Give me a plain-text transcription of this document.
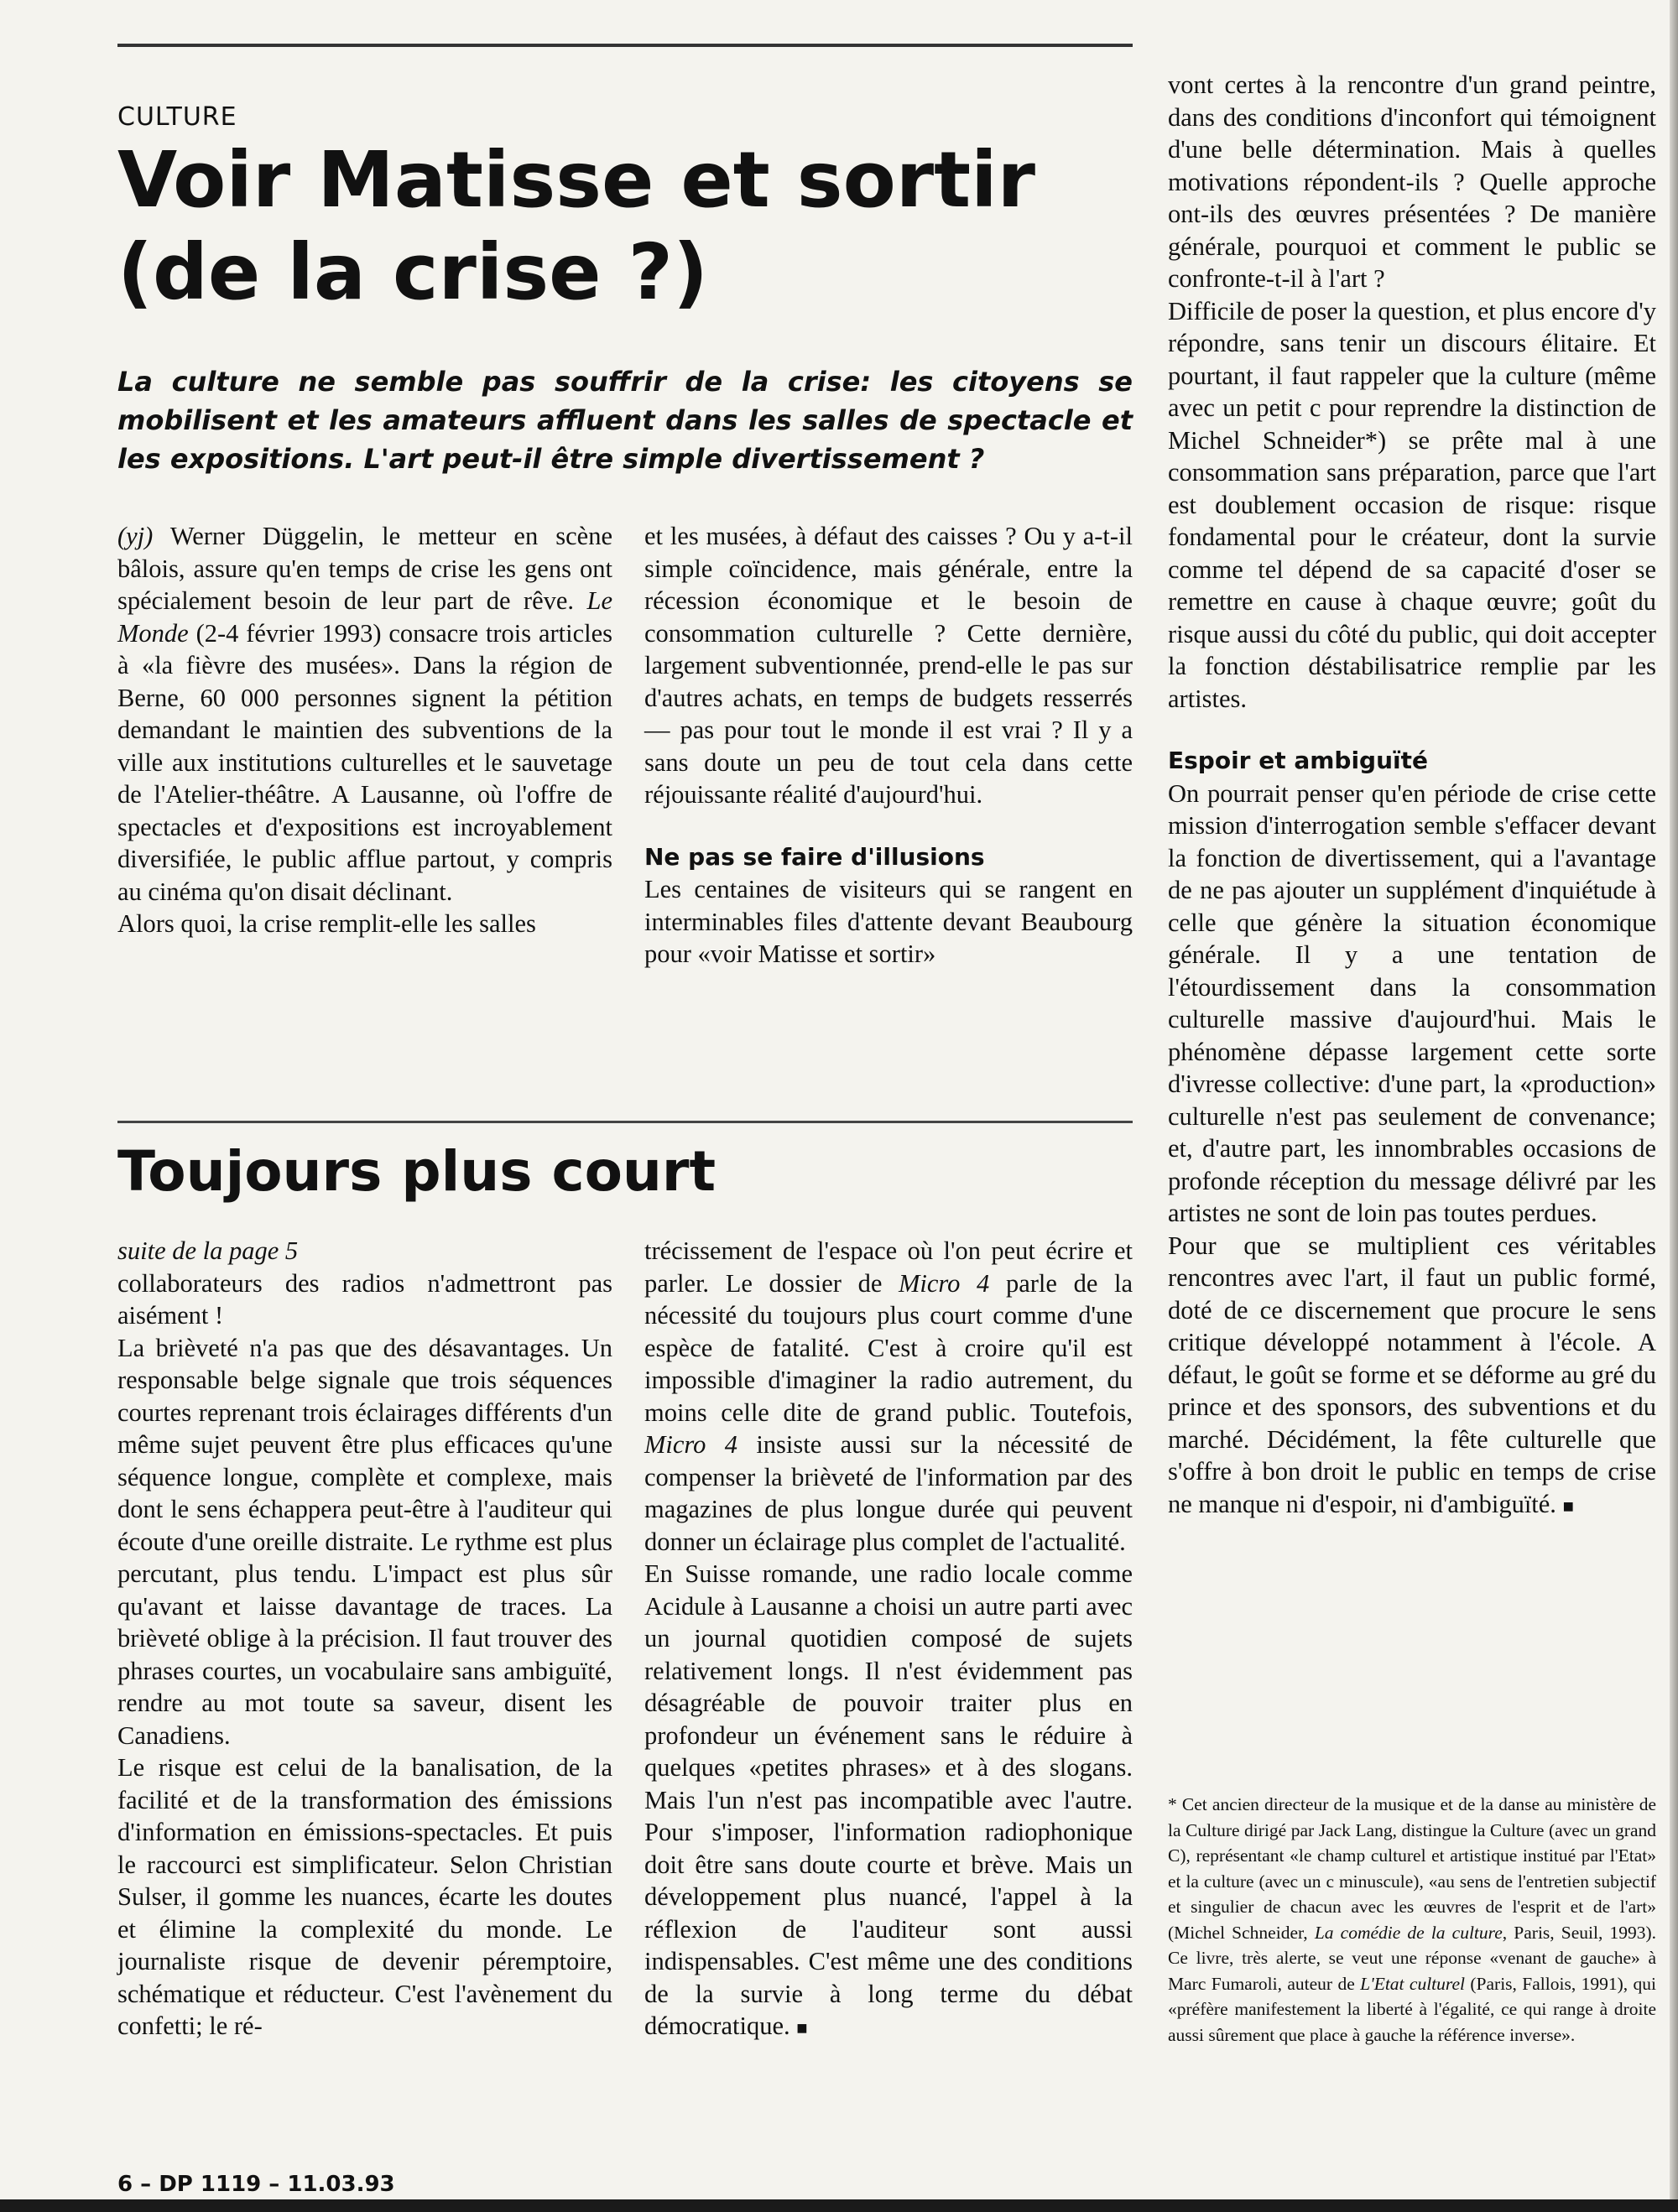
CULTURE
Voir Matisse et sortir
(de la crise ?)

La culture ne semble pas souffrir de la crise: les citoyens se mobilisent et les amateurs affluent dans les salles de spectacle et les expositions. L'art peut-il être simple divertissement ?

(yj) Werner Düggelin, le metteur en scène bâlois, assure qu'en temps de crise les gens ont spécialement besoin de leur part de rêve. Le Monde (2-4 février 1993) consacre trois articles à «la fièvre des musées». Dans la région de Berne, 60 000 personnes signent la pétition demandant le maintien des subventions de la ville aux institutions culturelles et le sauvetage de l'Atelier-théâtre. A Lausanne, où l'offre de spectacles et d'expositions est incroyablement diversifiée, le public afflue partout, y compris au cinéma qu'on disait déclinant.

Alors quoi, la crise remplit-elle les salles

et les musées, à défaut des caisses ? Ou y a-t-il simple coïncidence, mais générale, entre la récession économique et le besoin de consommation culturelle ? Cette dernière, largement subventionnée, prend-elle le pas sur d'autres achats, en temps de budgets resserrés — pas pour tout le monde il est vrai ? Il y a sans doute un peu de tout cela dans cette réjouissante réalité d'aujourd'hui.

Ne pas se faire d'illusions

Les centaines de visiteurs qui se rangent en interminables files d'attente devant Beaubourg pour «voir Matisse et sortir»

vont certes à la rencontre d'un grand peintre, dans des conditions d'inconfort qui témoignent d'une belle détermination. Mais à quelles motivations répondent-ils ? Quelle approche ont-ils des œuvres présentées ? De manière générale, pourquoi et comment le public se confronte-t-il à l'art ?

Difficile de poser la question, et plus encore d'y répondre, sans tenir un discours élitaire. Et pourtant, il faut rappeler que la culture (même avec un petit c pour reprendre la distinction de Michel Schneider*) se prête mal à une consommation sans préparation, parce que l'art est doublement occasion de risque: risque fondamental pour le créateur, dont la survie comme tel dépend de sa capacité d'oser se remettre en cause à chaque œuvre; goût du risque aussi du côté du public, qui doit accepter la fonction déstabilisatrice remplie par les artistes.

Espoir et ambiguïté

On pourrait penser qu'en période de crise cette mission d'interrogation semble s'effacer devant la fonction de divertissement, qui a l'avantage de ne pas ajouter un supplément d'inquiétude à celle que génère la situation économique générale. Il y a une tentation de l'étourdissement dans la consommation culturelle massive d'aujourd'hui. Mais le phénomène dépasse largement cette sorte d'ivresse collective: d'une part, la «production» culturelle n'est pas seulement de convenance; et, d'autre part, les innombrables occasions de profonde réception du message délivré par les artistes ne sont de loin pas toutes perdues.

Pour que se multiplient ces véritables rencontres avec l'art, il faut un public formé, doté de ce discernement que procure le sens critique développé notamment à l'école. A défaut, le goût se forme et se déforme au gré du prince et des sponsors, des subventions et du marché. Décidément, la fête culturelle que s'offre à bon droit le public en temps de crise ne manque ni d'espoir, ni d'ambiguïté. ■

* Cet ancien directeur de la musique et de la danse au ministère de la Culture dirigé par Jack Lang, distingue la Culture (avec un grand C), représentant «le champ culturel et artistique institué par l'Etat» et la culture (avec un c minuscule), «au sens de l'entretien subjectif et singulier de chacun avec les œuvres de l'esprit et de l'art» (Michel Schneider, La comédie de la culture, Paris, Seuil, 1993). Ce livre, très alerte, se veut une réponse «venant de gauche» à Marc Fumaroli, auteur de L'Etat culturel (Paris, Fallois, 1991), qui «préfère manifestement la liberté à l'égalité, ce qui range à droite aussi sûrement que place à gauche la référence inverse».

Toujours plus court

suite de la page 5

collaborateurs des radios n'admettront pas aisément !

La brièveté n'a pas que des désavantages. Un responsable belge signale que trois séquences courtes reprenant trois éclairages différents d'un même sujet peuvent être plus efficaces qu'une séquence longue, complète et complexe, mais dont le sens échappera peut-être à l'auditeur qui écoute d'une oreille distraite. Le rythme est plus percutant, plus tendu. L'impact est plus sûr qu'avant et laisse davantage de traces. La brièveté oblige à la précision. Il faut trouver des phrases courtes, un vocabulaire sans ambiguïté, rendre au mot toute sa saveur, disent les Canadiens.

Le risque est celui de la banalisation, de la facilité et de la transformation des émissions d'information en émissions-spectacles. Et puis le raccourci est simplificateur. Selon Christian Sulser, il gomme les nuances, écarte les doutes et élimine la complexité du monde. Le journaliste risque de devenir péremptoire, schématique et réducteur. C'est l'avènement du confetti; le ré-

trécissement de l'espace où l'on peut écrire et parler. Le dossier de Micro 4 parle de la nécessité du toujours plus court comme d'une espèce de fatalité. C'est à croire qu'il est impossible d'imaginer la radio autrement, du moins celle dite de grand public. Toutefois, Micro 4 insiste aussi sur la nécessité de compenser la brièveté de l'information par des magazines de plus longue durée qui peuvent donner un éclairage plus complet de l'actualité.

En Suisse romande, une radio locale comme Acidule à Lausanne a choisi un autre parti avec un journal quotidien composé de sujets relativement longs. Il n'est évidemment pas désagréable de pouvoir traiter plus en profondeur un événement sans le réduire à quelques «petites phrases» et à des slogans. Mais l'un n'est pas incompatible avec l'autre. Pour s'imposer, l'information radiophonique doit être sans doute courte et brève. Mais un développement plus nuancé, l'appel à la réflexion de l'auditeur sont aussi indispensables. C'est même une des conditions de la survie à long terme du débat démocratique. ■

6 – DP 1119 – 11.03.93
